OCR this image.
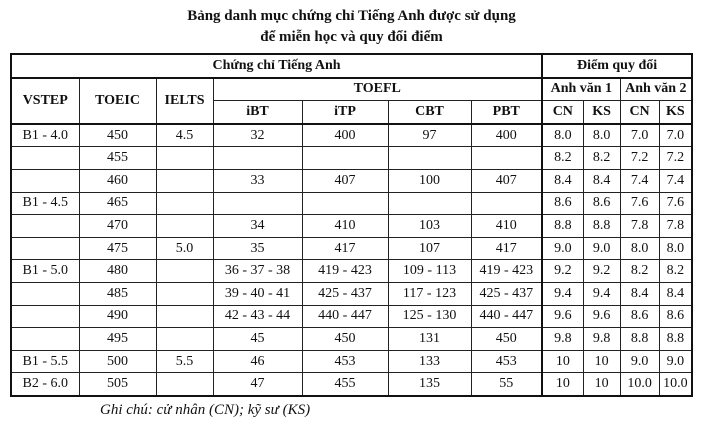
Bảng danh mục chứng chỉ Tiếng Anh được sử dụng
để miễn học và quy đổi điểm
Chứng chỉ Tiếng Anh							Điểm quy đổi			
VSTEP	TOEIC	IELTS	TOEFL				Anh văn 1		Anh văn 2	
			iBT	iTP	CBT	PBT	CN	KS	CN	KS
B1 - 4.0	450	4.5	32	400	97	400	8.0	8.0	7.0	7.0
	455						8.2	8.2	7.2	7.2
	460		33	407	100	407	8.4	8.4	7.4	7.4
B1 - 4.5	465						8.6	8.6	7.6	7.6
	470		34	410	103	410	8.8	8.8	7.8	7.8
	475	5.0	35	417	107	417	9.0	9.0	8.0	8.0
B1 - 5.0	480		36 - 37 - 38	419 - 423	109 - 113	419 - 423	9.2	9.2	8.2	8.2
	485		39 - 40 - 41	425 - 437	117 - 123	425 - 437	9.4	9.4	8.4	8.4
	490		42 - 43 - 44	440 - 447	125 - 130	440 - 447	9.6	9.6	8.6	8.6
	495		45	450	131	450	9.8	9.8	8.8	8.8
B1 - 5.5	500	5.5	46	453	133	453	10	10	9.0	9.0
B2 - 6.0	505		47	455	135	55	10	10	10.0	10.0
Ghi chú: cử nhân (CN); kỹ sư (KS)
